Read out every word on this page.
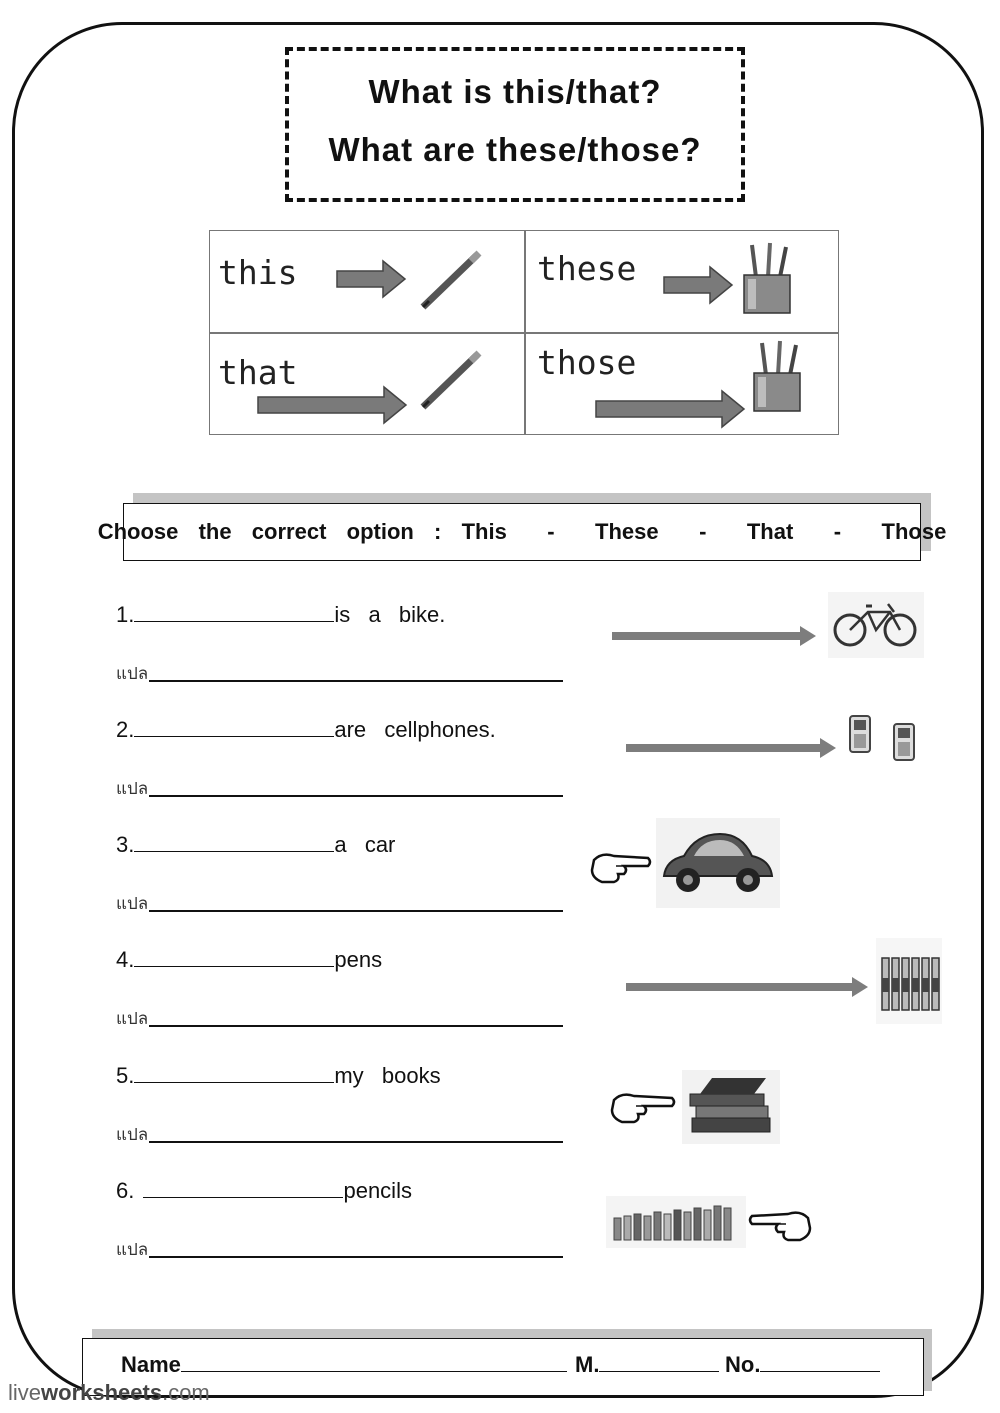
What is this/that?
What are these/those?
this	these
that	those
Choose  the  correct  option  :  This    -    These    -    That    -    Those
1.	is  a  bike.
แปล
2.	are  cellphones.
แปล
3.	a  car
แปล
4.	pens
แปล
5.	my  books
แปล
6.	pencils
แปล
Name	M.	No.
liveworksheets.com
